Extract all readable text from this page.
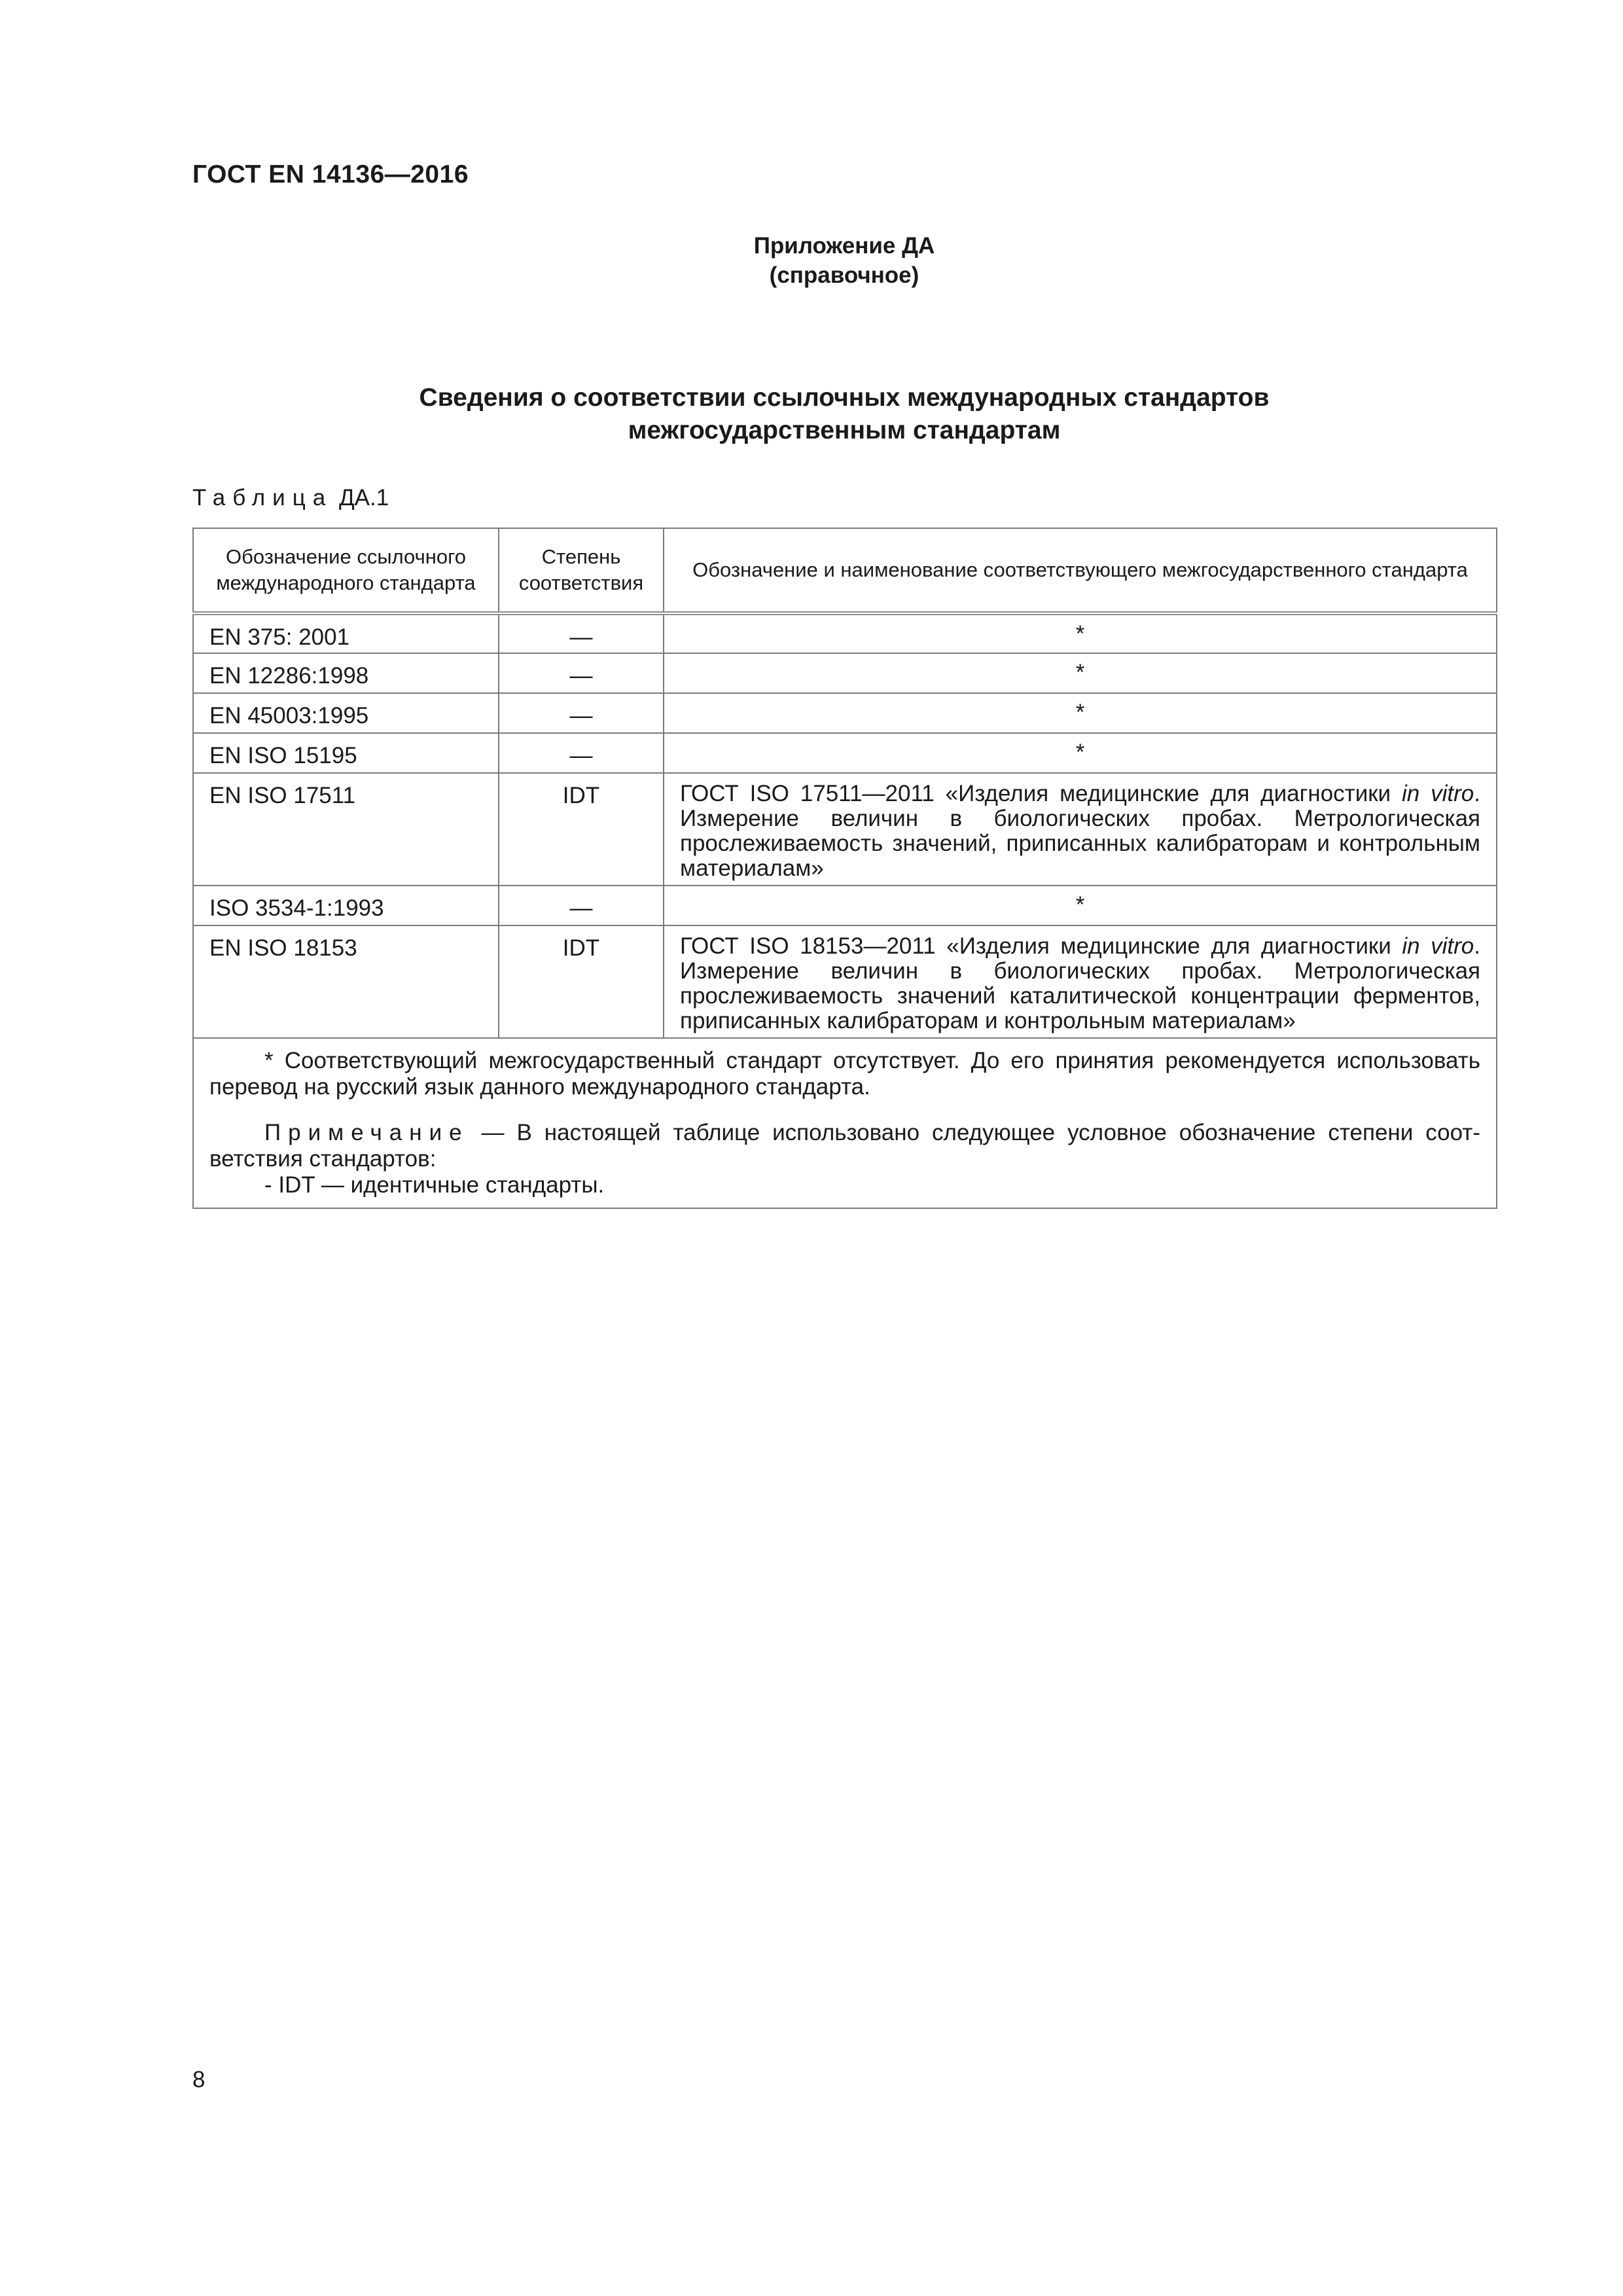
ГОСТ EN 14136—2016
Приложение ДА
(справочное)
Сведения о соответствии ссылочных международных стандартов
межгосударственным стандартам
Таблица ДА.1
Обозначение ссылочного международного стандарта	Степень соответствия	Обозначение и наименование соответствующего межгосударственного стандарта
EN 375: 2001	—	*
EN 12286:1998	—	*
EN 45003:1995	—	*
EN ISO 15195	—	*
EN ISO 17511	IDT	ГОСТ ISO 17511—2011 «Изделия медицинские для диагностики in vitro. Измерение величин в биологических пробах. Метрологическая прослеживаемость значений, приписанных калибраторам и контрольным материалам»
ISO 3534-1:1993	—	*
EN ISO 18153	IDT	ГОСТ ISO 18153—2011 «Изделия медицинские для диагностики in vitro. Измерение величин в биологических пробах. Метрологическая прослеживаемость значений каталитической концентрации ферментов, приписанных калибраторам и контрольным материалам»

* Соответствующий межгосударственный стандарт отсутствует. До его принятия рекомендуется использовать перевод на русский язык данного международного стандарта.

Примечание — В настоящей таблице использовано следующее условное обозначение степени соответствия стандартов:

- IDT — идентичные стандарты.		

8
